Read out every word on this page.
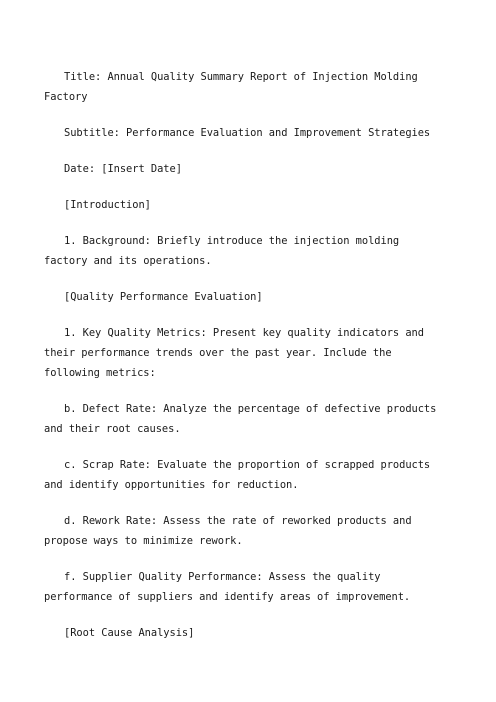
Title: Annual Quality Summary Report of Injection Molding Factory

Subtitle: Performance Evaluation and Improvement Strategies

Date: [Insert Date]

[Introduction]

1. Background: Briefly introduce the injection molding factory and its operations.

[Quality Performance Evaluation]

1. Key Quality Metrics: Present key quality indicators and their performance trends over the past year. Include the following metrics:

b. Defect Rate: Analyze the percentage of defective products and their root causes.

c. Scrap Rate: Evaluate the proportion of scrapped products and identify opportunities for reduction.

d. Rework Rate: Assess the rate of reworked products and propose ways to minimize rework.

f. Supplier Quality Performance: Assess the quality performance of suppliers and identify areas of improvement.

[Root Cause Analysis]
